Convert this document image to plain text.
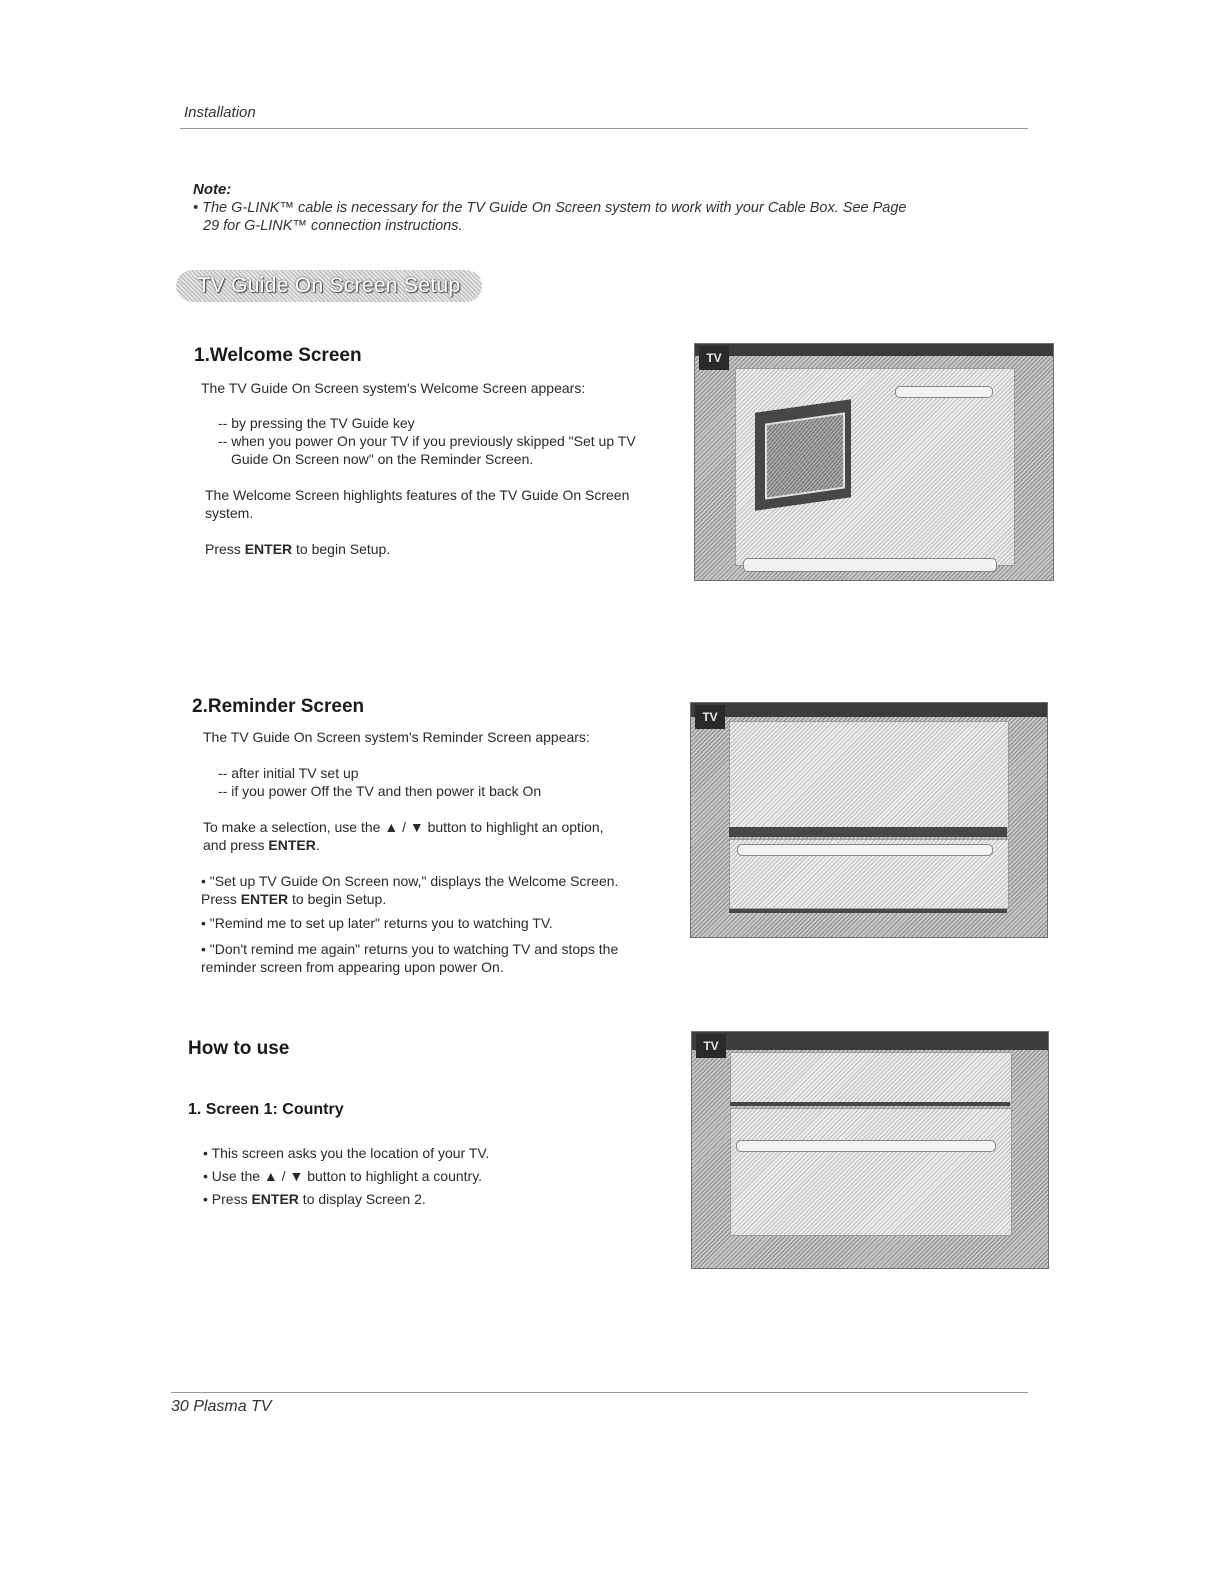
Installation
Note:
• The G-LINK™ cable is necessary for the TV Guide On Screen system to work with your Cable Box. See Page
29 for G-LINK™ connection instructions.
TV Guide On Screen Setup
1.Welcome Screen
The TV Guide On Screen system's Welcome Screen appears:
-- by pressing the TV Guide key
-- when you power On your TV if you previously skipped "Set up TV
Guide On Screen now" on the Reminder Screen.
The Welcome Screen highlights features of the TV Guide On Screen
system.
Press ENTER to begin Setup.
TV
2.Reminder Screen
The TV Guide On Screen system's Reminder Screen appears:
-- after initial TV set up
-- if you power Off the TV and then power it back On
To make a selection, use the ▲ / ▼ button to highlight an option,
and press ENTER.
• "Set up TV Guide On Screen now," displays the Welcome Screen.
Press ENTER to begin Setup.
• "Remind me to set up later" returns you to watching TV.
• "Don't remind me again" returns you to watching TV and stops the
reminder screen from appearing upon power On.
TV
How to use
1. Screen 1: Country
• This screen asks you the location of your TV.
• Use the ▲ / ▼ button to highlight a country.
• Press ENTER to display Screen 2.
TV
30 Plasma TV
